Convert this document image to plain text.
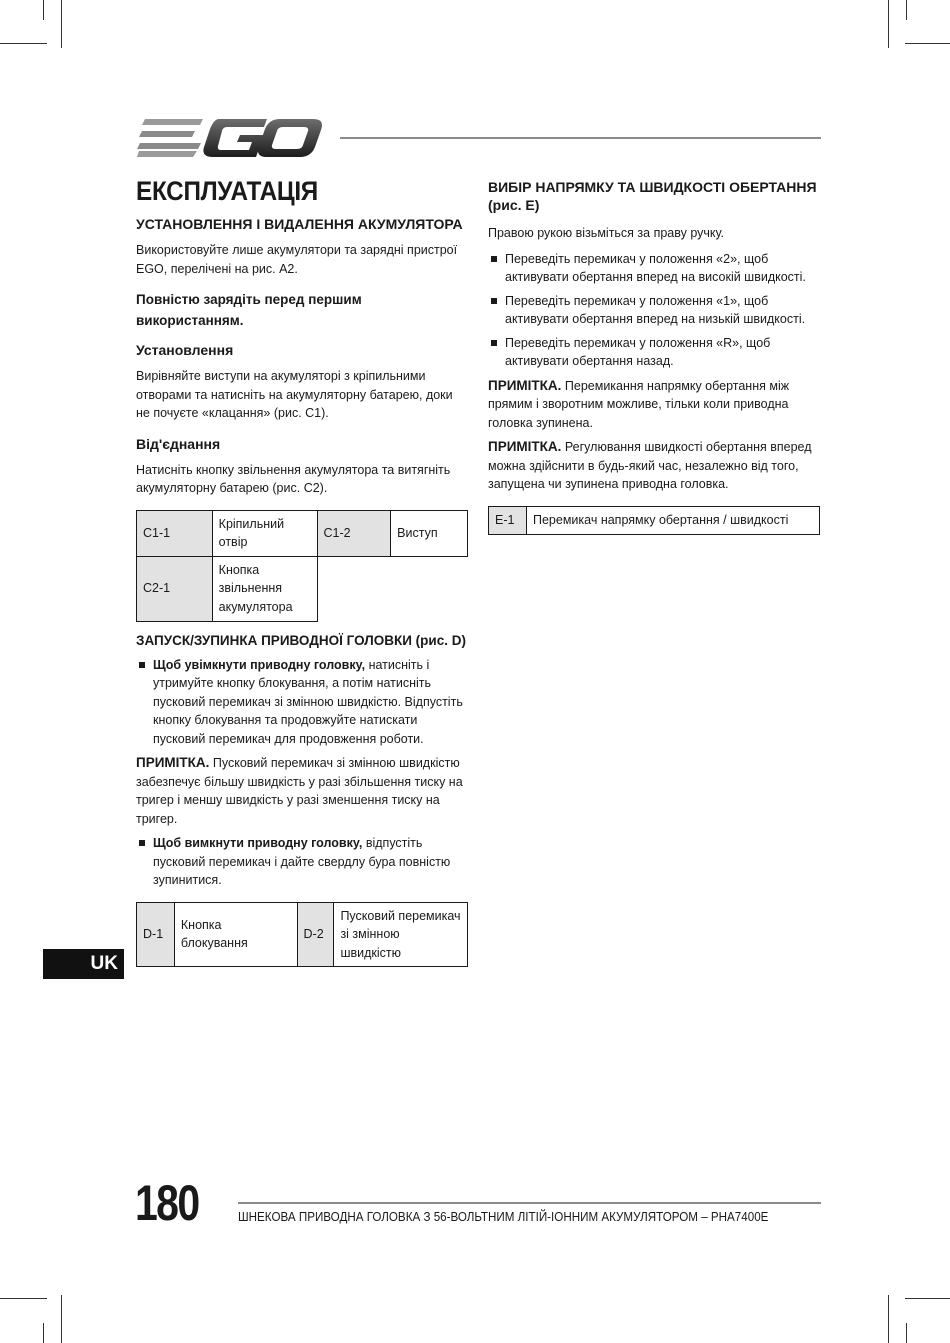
ЕКСПЛУАТАЦІЯ
УСТАНОВЛЕННЯ І ВИДАЛЕННЯ АКУМУЛЯТОРА

Використовуйте лише акумулятори та зарядні пристрої EGO, перелічені на рис. A2.

Повністю зарядіть перед першим використанням.
Установлення

Вирівняйте виступи на акумуляторі з кріпильними отворами та натисніть на акумуляторну батарею, доки не почуєте «клацання» (рис. C1).

Від'єднання

Натисніть кнопку звільнення акумулятора та витягніть акумуляторну батарею (рис. C2).

C1-1	Кріпильний отвір	C1-2	Виступ
C2-1	Кнопка звільнення акумулятора		
ЗАПУСК/ЗУПИНКА ПРИВОДНОЇ ГОЛОВКИ (рис. D)
Щоб увімкнути приводну головку, натисніть і утримуйте кнопку блокування, а потім натисніть пусковий перемикач зі змінною швидкістю. Відпустіть кнопку блокування та продовжуйте натискати пусковий перемикач для продовження роботи.

ПРИМІТКА. Пусковий перемикач зі змінною швидкістю забезпечує більшу швидкість у разі збільшення тиску на тригер і меншу швидкість у разі зменшення тиску на тригер.

Щоб вимкнути приводну головку, відпустіть пусковий перемикач і дайте свердлу бура повністю зупинитися.
D-1	Кнопка блокування	D-2	Пусковий перемикач зі змінною швидкістю
ВИБІР НАПРЯМКУ ТА ШВИДКОСТІ ОБЕРТАННЯ (рис. E)

Правою рукою візьміться за праву ручку.

Переведіть перемикач у положення «2», щоб активувати обертання вперед на високій швидкості.
Переведіть перемикач у положення «1», щоб активувати обертання вперед на низькій швидкості.
Переведіть перемикач у положення «R», щоб активувати обертання назад.

ПРИМІТКА. Перемикання напрямку обертання між прямим і зворотним можливе, тільки коли приводна головка зупинена.

ПРИМІТКА. Регулювання швидкості обертання вперед можна здійснити в будь-який час, незалежно від того, запущена чи зупинена приводна головка.

E-1	Перемикач напрямку обертання / швидкості
UK
180	ШНЕКОВА ПРИВОДНА ГОЛОВКА З 56-ВОЛЬТНИМ ЛІТІЙ-ІОННИМ АКУМУЛЯТОРОМ – PHA7400E
